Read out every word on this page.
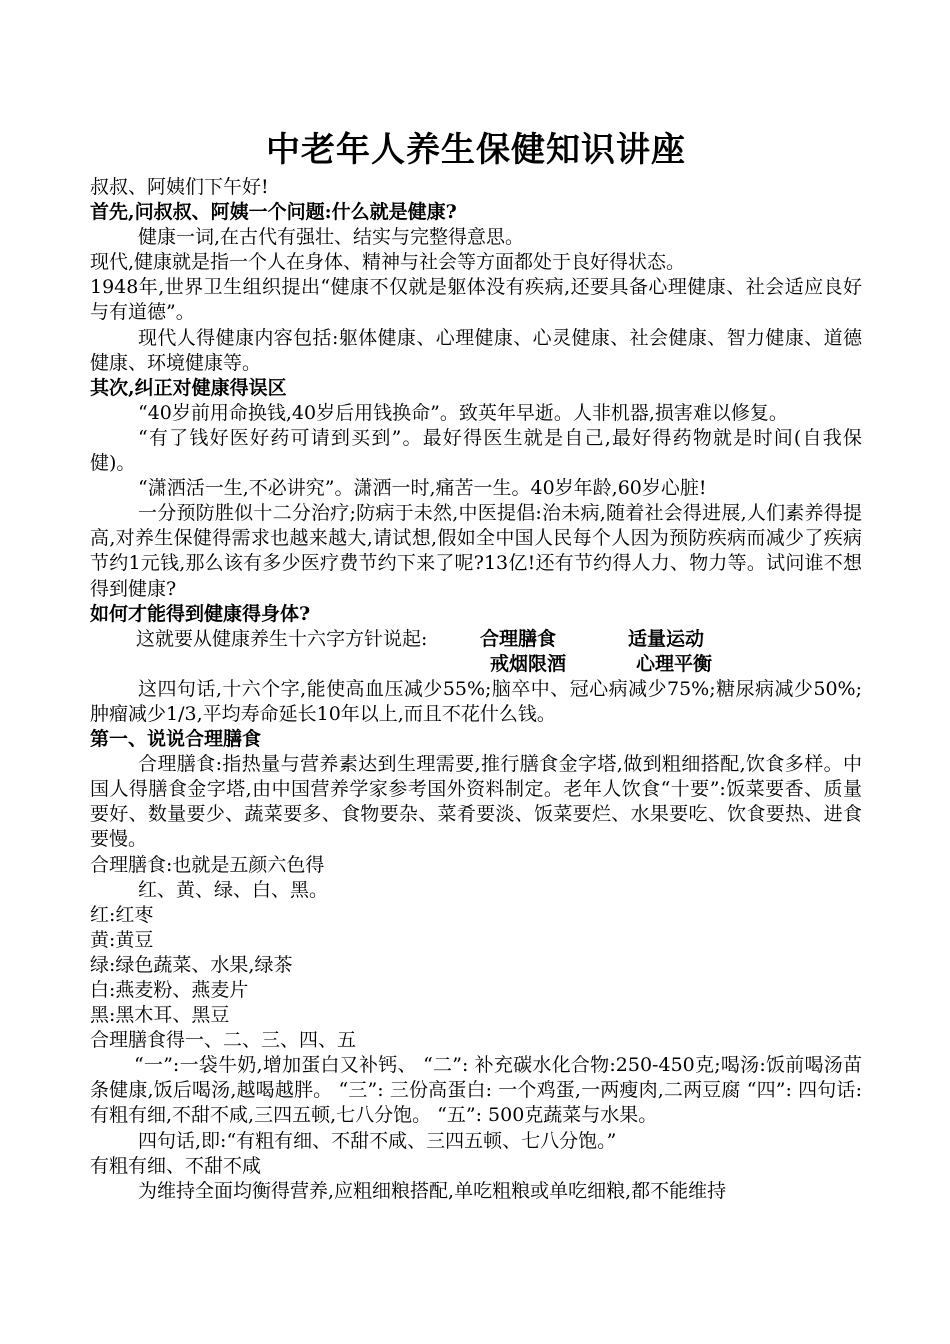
中老年人养生保健知识讲座

叔叔、阿姨们下午好!

首先,问叔叔、阿姨一个问题:什么就是健康?

健康一词,在古代有强壮、结实与完整得意思。

现代,健康就是指一个人在身体、精神与社会等方面都处于良好得状态。

1948年,世界卫生组织提出“健康不仅就是躯体没有疾病,还要具备心理健康、社会适应良好与有道德”。

现代人得健康内容包括:躯体健康、心理健康、心灵健康、社会健康、智力健康、道德健康、环境健康等。

其次,纠正对健康得误区

“40岁前用命换钱,40岁后用钱换命”。致英年早逝。人非机器,损害难以修复。

“有了钱好医好药可请到买到”。最好得医生就是自己,最好得药物就是时间(自我保健)。

“潇洒活一生,不必讲究”。潇洒一时,痛苦一生。40岁年龄,60岁心脏!

一分预防胜似十二分治疗;防病于未然,中医提倡:治未病,随着社会得进展,人们素养得提高,对养生保健得需求也越来越大,请试想,假如全中国人民每个人因为预防疾病而减少了疾病节约1元钱,那么该有多少医疗费节约下来了呢?13亿!还有节约得人力、物力等。试问谁不想得到健康?

如何才能得到健康得身体?

这就要从健康养生十六字方针说起:	合理膳食	适量运动
戒烟限酒	心理平衡

这四句话,十六个字,能使高血压减少55%;脑卒中、冠心病减少75%;糖尿病减少50%;肿瘤减少1/3,平均寿命延长10年以上,而且不花什么钱。

第一、说说合理膳食

合理膳食:指热量与营养素达到生理需要,推行膳食金字塔,做到粗细搭配,饮食多样。中国人得膳食金字塔,由中国营养学家参考国外资料制定。老年人饮食“十要”:饭菜要香、质量要好、数量要少、蔬菜要多、食物要杂、菜肴要淡、饭菜要烂、水果要吃、饮食要热、进食要慢。

合理膳食:也就是五颜六色得

红、黄、绿、白、黑。

红:红枣

黄:黄豆

绿:绿色蔬菜、水果,绿茶

白:燕麦粉、燕麦片

黑:黑木耳、黑豆

合理膳食得一、二、三、四、五

“一”:一袋牛奶,增加蛋白又补钙、 “二”: 补充碳水化合物:250-450克;喝汤:饭前喝汤苗条健康,饭后喝汤,越喝越胖。 “三”: 三份高蛋白: 一个鸡蛋,一两瘦肉,二两豆腐 “四”: 四句话: 有粗有细,不甜不咸,三四五顿,七八分饱。 “五”: 500克蔬菜与水果。

四句话,即:“有粗有细、不甜不咸、三四五顿、七八分饱。”

有粗有细、不甜不咸

为维持全面均衡得营养,应粗细粮搭配,单吃粗粮或单吃细粮,都不能维持
